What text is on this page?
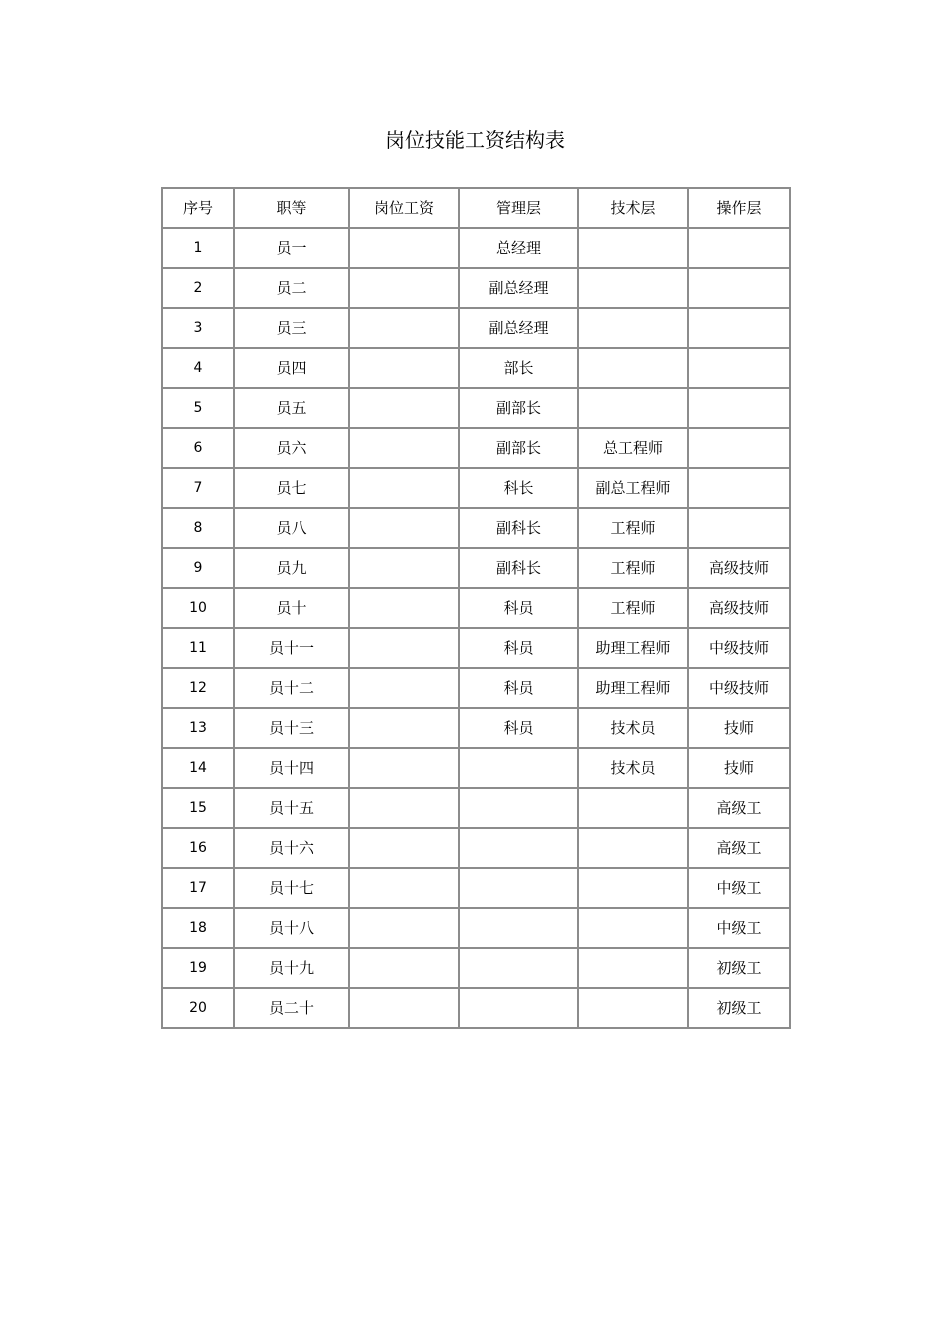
岗位技能工资结构表
序号	职等	岗位工资	管理层	技术层	操作层
1	员一		总经理		
2	员二		副总经理		
3	员三		副总经理		
4	员四		部长		
5	员五		副部长		
6	员六		副部长	总工程师	
7	员七		科长	副总工程师	
8	员八		副科长	工程师	
9	员九		副科长	工程师	高级技师
10	员十		科员	工程师	高级技师
11	员十一		科员	助理工程师	中级技师
12	员十二		科员	助理工程师	中级技师
13	员十三		科员	技术员	技师
14	员十四			技术员	技师
15	员十五				高级工
16	员十六				高级工
17	员十七				中级工
18	员十八				中级工
19	员十九				初级工
20	员二十				初级工
